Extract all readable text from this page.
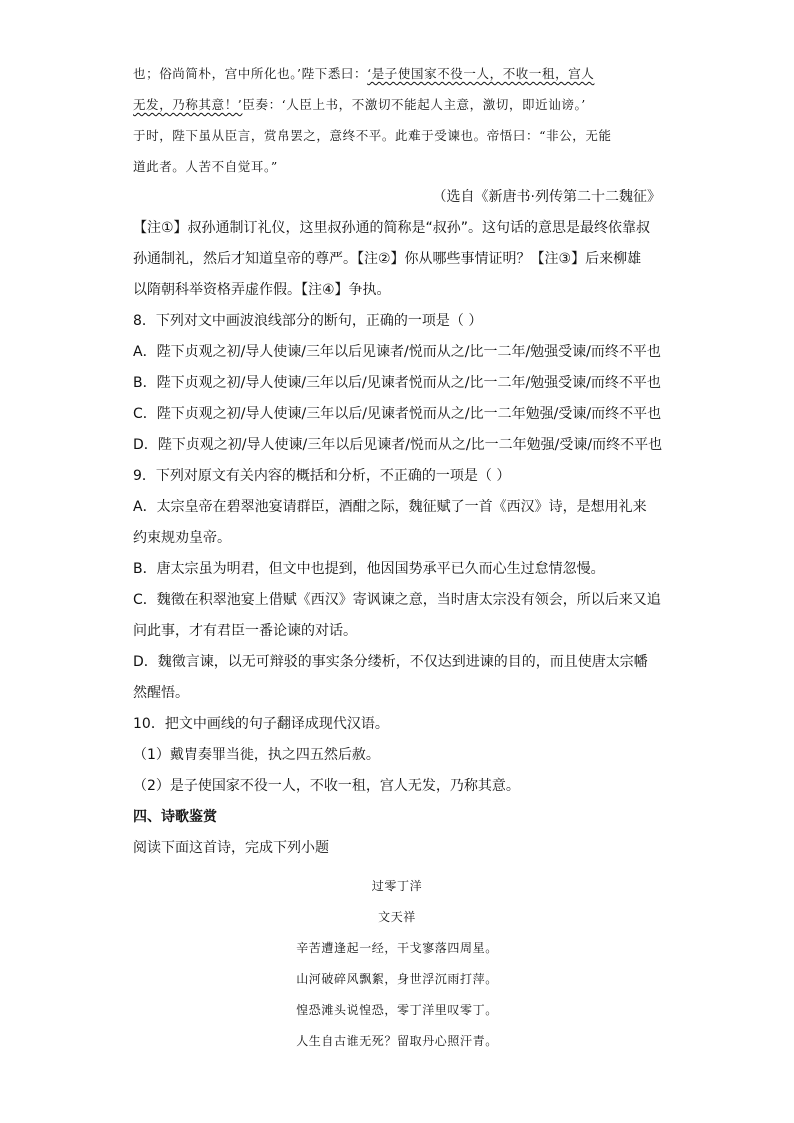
也；俗尚简朴，宫中所化也。’陛下悉曰：‘是子使国家不役一人，不收一租，宫人
无发，乃称其意！’臣奏：‘人臣上书，不激切不能起人主意，激切，即近讪谤。’
于时，陛下虽从臣言，赏帛罢之，意终不平。此难于受谏也。帝悟曰：“非公，无能
道此者。人苦不自觉耳。”
（选自《新唐书·列传第二十二魏征》
【注①】叔孙通制订礼仪，这里叔孙通的简称是“叔孙”。这句话的意思是最终依靠叔
孙通制礼，然后才知道皇帝的尊严。【注②】你从哪些事情证明？【注③】后来柳雄
以隋朝科举资格弄虚作假。【注④】争执。
8．下列对文中画波浪线部分的断句，正确的一项是（ ）
A．陛下贞观之初/导人使谏/三年以后见谏者/悦而从之/比一二年/勉强受谏/而终不平也
B．陛下贞观之初/导人使谏/三年以后/见谏者悦而从之/比一二年/勉强受谏/而终不平也
C．陛下贞观之初/导人使谏/三年以后/见谏者悦而从之/比一二年勉强/受谏/而终不平也
D．陛下贞观之初/导人使谏/三年以后见谏者/悦而从之/比一二年勉强/受谏/而终不平也
9．下列对原文有关内容的概括和分析，不正确的一项是（ ）
A．太宗皇帝在碧翠池宴请群臣，酒酣之际，魏征赋了一首《西汉》诗，是想用礼来
约束规劝皇帝。
B．唐太宗虽为明君，但文中也提到，他因国势承平已久而心生过怠情忽慢。
C．魏徵在积翠池宴上借赋《西汉》寄讽谏之意，当时唐太宗没有领会，所以后来又追
问此事，才有君臣一番论谏的对话。
D．魏徵言谏，以无可辩驳的事实条分缕析，不仅达到进谏的目的，而且使唐太宗幡
然醒悟。
10．把文中画线的句子翻译成现代汉语。
（1）戴胄奏罪当徙，执之四五然后赦。
（2）是子使国家不役一人，不收一租，宫人无发，乃称其意。
四、诗歌鉴赏
阅读下面这首诗，完成下列小题
过零丁洋
文天祥
辛苦遭逢起一经，干戈寥落四周星。
山河破碎风飘絮，身世浮沉雨打萍。
惶恐滩头说惶恐，零丁洋里叹零丁。
人生自古谁无死？留取丹心照汗青。
